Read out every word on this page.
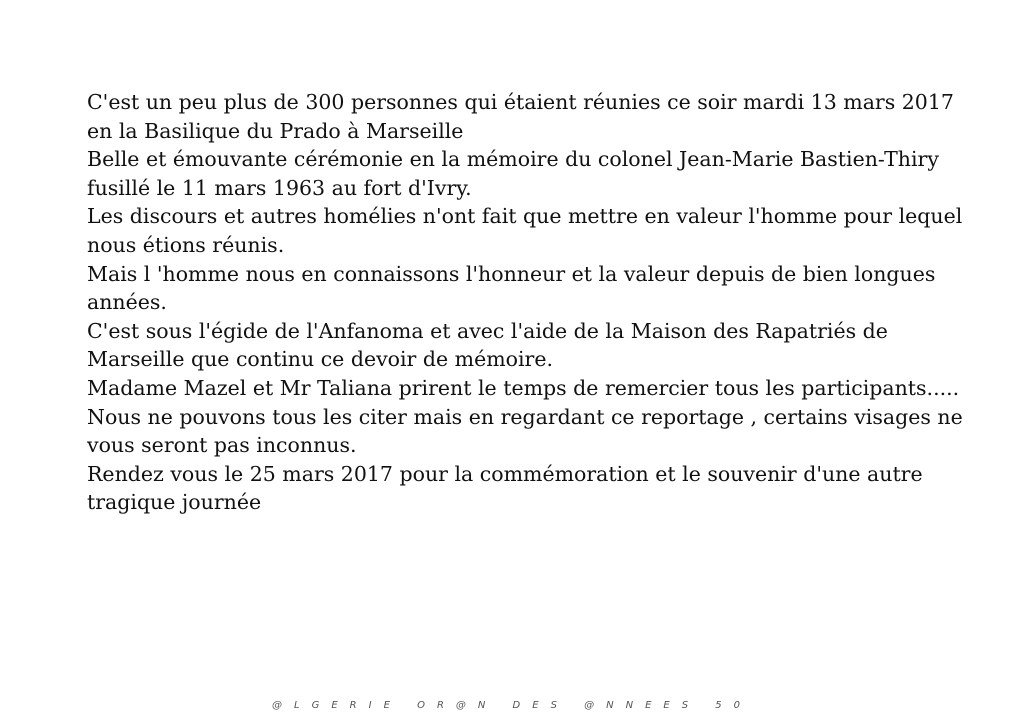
C'est un peu plus de 300 personnes qui étaient réunies ce soir mardi 13 mars 2017 en la Basilique du Prado à Marseille

Belle et émouvante cérémonie en la mémoire du colonel Jean-Marie Bastien-Thiry fusillé le 11 mars 1963 au fort d'Ivry.

Les discours et autres homélies n'ont fait que mettre en valeur l'homme pour lequel nous étions réunis.

Mais l 'homme nous en connaissons l'honneur et la valeur depuis de bien longues années.

C'est sous l'égide de l'Anfanoma et avec l'aide de la Maison des Rapatriés de Marseille que continu ce devoir de mémoire.

Madame Mazel et Mr Taliana prirent le temps de remercier tous les participants.....

Nous ne pouvons tous les citer mais en regardant ce reportage , certains visages ne vous seront pas inconnus.

Rendez vous le 25 mars 2017 pour la commémoration et le souvenir d'une autre tragique journée

@LGERIE OR@N DES @NNEES 50
